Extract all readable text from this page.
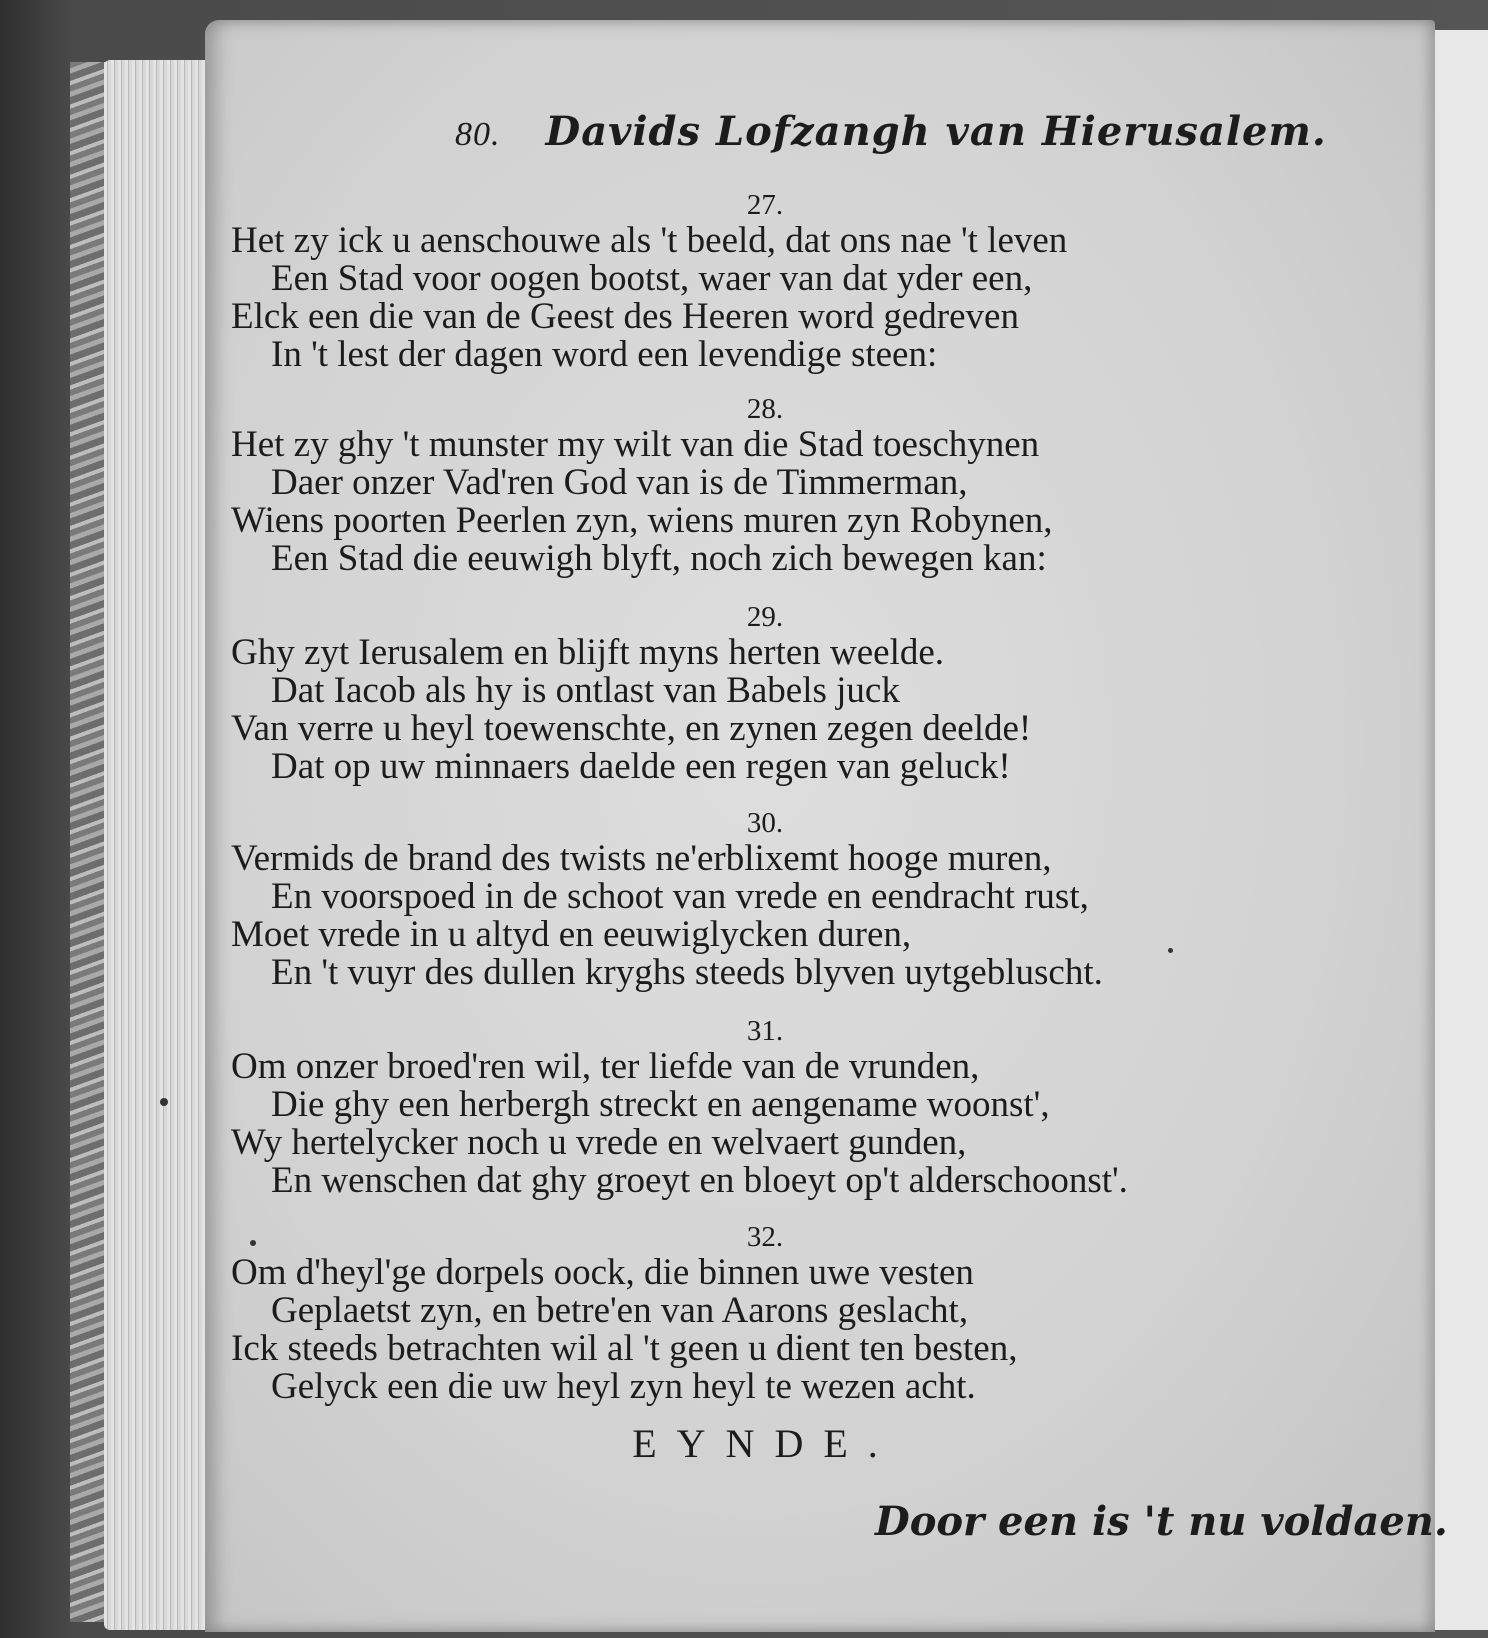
80. Davids Lofzangh van Hierusalem.
27.
Het zy ick u aenschouwe als 't beeld, dat ons nae 't leven
Een Stad voor oogen bootst, waer van dat yder een,
Elck een die van de Geest des Heeren word gedreven
In 't lest der dagen word een levendige steen:
28.
Het zy ghy 't munster my wilt van die Stad toeschynen
Daer onzer Vad'ren God van is de Timmerman,
Wiens poorten Peerlen zyn, wiens muren zyn Robynen,
Een Stad die eeuwigh blyft, noch zich bewegen kan:
29.
Ghy zyt Ierusalem en blijft myns herten weelde.
Dat Iacob als hy is ontlast van Babels juck
Van verre u heyl toewenschte, en zynen zegen deelde!
Dat op uw minnaers daelde een regen van geluck!
30.
Vermids de brand des twists ne'erblixemt hooge muren,
En voorspoed in de schoot van vrede en eendracht rust,
Moet vrede in u altyd en eeuwiglycken duren,
En 't vuyr des dullen kryghs steeds blyven uytgebluscht.
31.
Om onzer broed'ren wil, ter liefde van de vrunden,
Die ghy een herbergh streckt en aengename woonst',
Wy hertelycker noch u vrede en welvaert gunden,
En wenschen dat ghy groeyt en bloeyt op't alderschoonst'.
32.
Om d'heyl'ge dorpels oock, die binnen uwe vesten
Geplaetst zyn, en betre'en van Aarons geslacht,
Ick steeds betrachten wil al 't geen u dient ten besten,
Gelyck een die uw heyl zyn heyl te wezen acht.
EYNDE.
Door een is 't nu voldaen.
